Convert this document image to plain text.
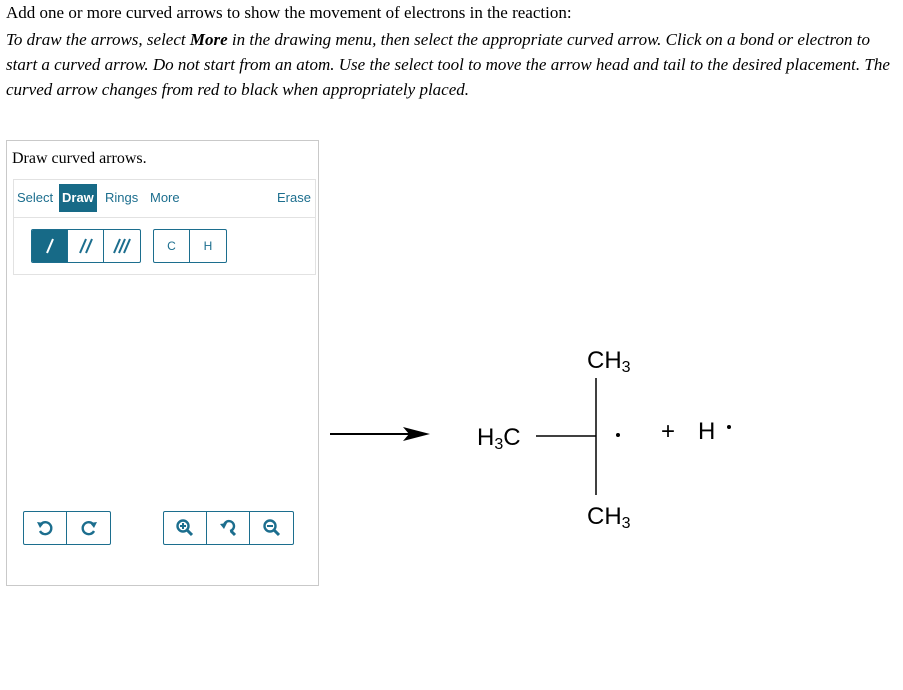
Add one or more curved arrows to show the movement of electrons in the reaction:
To draw the arrows, select More in the drawing menu, then select the appropriate curved arrow. Click on a bond or electron to start a curved arrow. Do not start from an atom. Use the select tool to move the arrow head and tail to the desired placement. The curved arrow changes from red to black when appropriately placed.
Draw curved arrows.
Select Draw Rings More	Erase
C	H
$CH_3$
$H_3C$
$CH_3$
+ H
